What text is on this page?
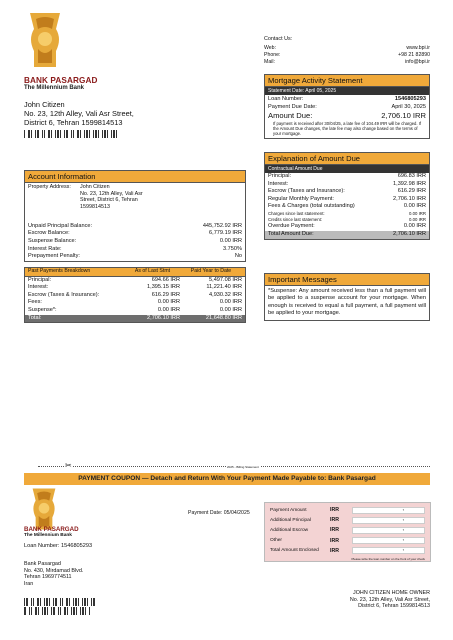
BANK PASARGAD
The Millennium Bank
John Citizen
No. 23, 12th Alley, Vali Asr Street,
District 6, Tehran 1599814513
Contact Us:
Web:	www.bpi.ir
Phone:	+98 21 82890
Mail:	info@bpi.ir
Mortgage Activity Statement
Statement Date: April 05, 2025
Loan Number:	1546805293
Payment Due Date:	April 30, 2025
Amount Due:	2,706.10 IRR
If payment is received after 30/04/25, a late fee of 104.49 IRR will be charged. If the Amount Due changes, the late fee may also change based on the terms of your mortgage.
Explanation of Amount Due
Contractual Amount Due
Principal:	696.83 IRR
Interest:	1,392.98 IRR
Escrow (Taxes and Insurance):	616.29 IRR
Regular Monthly Payment:	2,706.10 IRR
Fees & Charges (total outstanding)	0.00 IRR
Charges since last statement:	0.00 IRR
Credits since last statement:	0.00 IRR
Overdue Payment:	0.00 IRR
Total Amount Due:	2,706.10 IRR
Account Information
Property Address:	John Citizen
No. 23, 12th Alley, Vali Asr
Street, District 6, Tehran
1599814513
Unpaid Principal Balance:	445,752.92 IRR
Escrow Balance:	6,779.19 IRR
Suspense Balance:	0.00 IRR
Interest Rate:	3.750%
Prepayment Penalty:	No
Past Payments Breakdown	As of Last Stmt	Paid Year to Date
Principal:	694.66 IRR	5,497.08 IRR
Interest:	1,395.15 IRR	11,221.40 IRR
Escrow (Taxes & Insurance):	616.29 IRR	4,930.32 IRR
Fees:	0.00 IRR	0.00 IRR
Suspense*:	0.00 IRR	0.00 IRR
Total:	2,706.10 IRR	21,648.80 IRR
Important Messages
*Suspense: Any amount received less than a full payment will be applied to a suspense account for your mortgage. When enough is received to equal a full payment, a full payment will be applied to your mortgage.
✂	2025 - Billing Statement
PAYMENT COUPON — Detach and Return With Your Payment Made Payable to: Bank Pasargad
BANK PASARGAD
The Millennium Bank
Loan Number: 1546805293
Payment Date: 05/04/2025
Bank Pasargad
No. 430, Mirdamad Blvd.
Tehran 1969774511
Iran
Payment Amount	IRR
,
Additional Principal	IRR
,
Additional Escrow	IRR
,
Other	IRR
,
Total Amount Enclosed	IRR
,
Please write the loan number on the front of your check
JOHN CITIZEN HOME OWNER
No. 23, 12th Alley, Vali Asr Street,
District 6, Tehran 1599814513
